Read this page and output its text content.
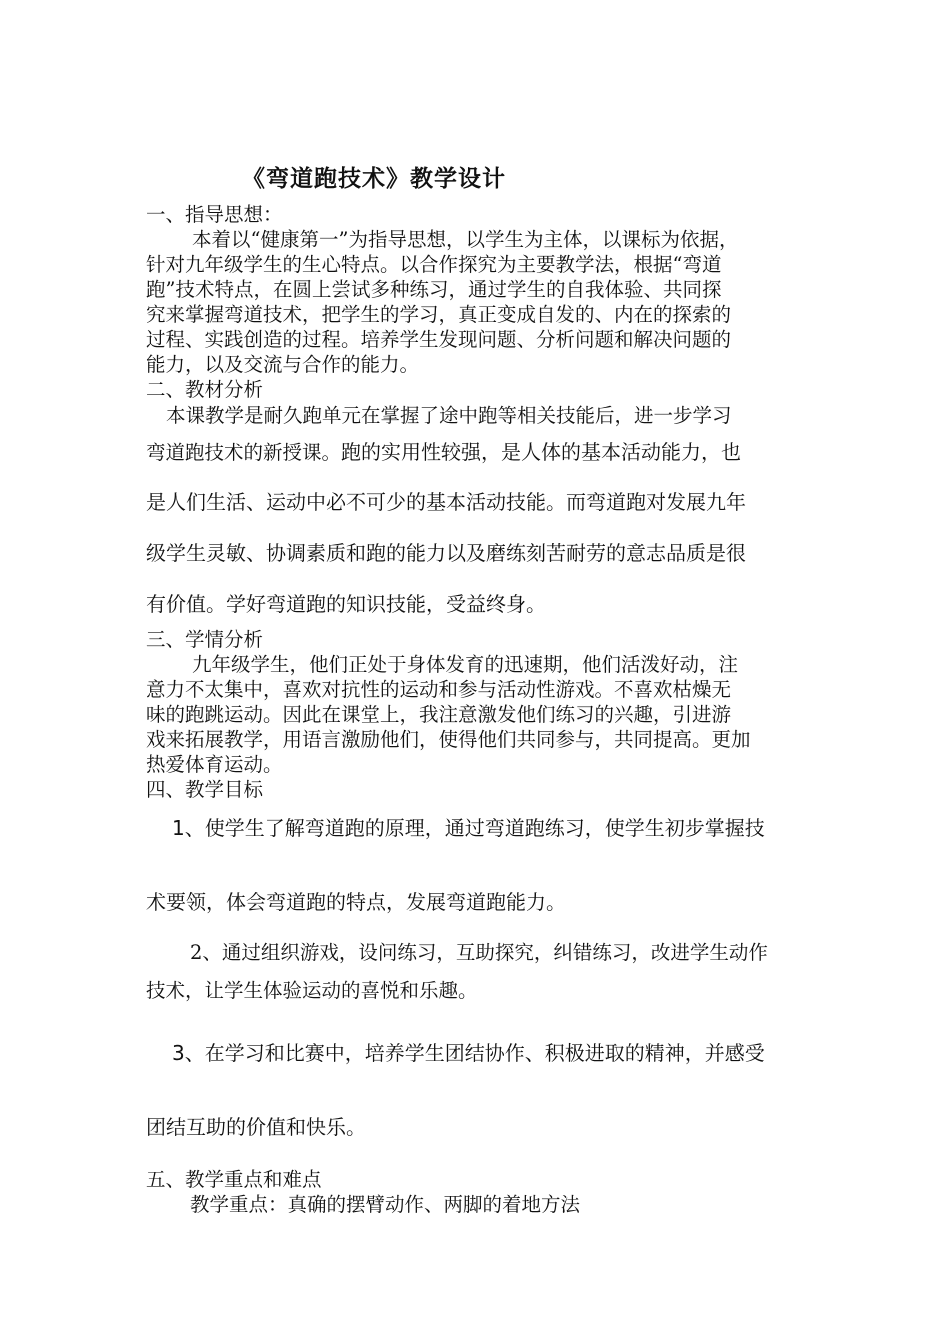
《弯道跑技术》教学设计
一、指导思想：
本着以“健康第一”为指导思想，以学生为主体，以课标为依据，
针对九年级学生的生心特点。以合作探究为主要教学法，根据“弯道
跑”技术特点，在圆上尝试多种练习，通过学生的自我体验、共同探
究来掌握弯道技术，把学生的学习，真正变成自发的、内在的探索的
过程、实践创造的过程。培养学生发现问题、分析问题和解决问题的
能力，以及交流与合作的能力。
二、教材分析
本课教学是耐久跑单元在掌握了途中跑等相关技能后，进一步学习
弯道跑技术的新授课。跑的实用性较强，是人体的基本活动能力，也
是人们生活、运动中必不可少的基本活动技能。而弯道跑对发展九年
级学生灵敏、协调素质和跑的能力以及磨练刻苦耐劳的意志品质是很
有价值。学好弯道跑的知识技能，受益终身。
三、学情分析
九年级学生，他们正处于身体发育的迅速期，他们活泼好动，注
意力不太集中，喜欢对抗性的运动和参与活动性游戏。不喜欢枯燥无
味的跑跳运动。因此在课堂上，我注意激发他们练习的兴趣，引进游
戏来拓展教学，用语言激励他们，使得他们共同参与，共同提高。更加
热爱体育运动。
四、教学目标
1、使学生了解弯道跑的原理，通过弯道跑练习，使学生初步掌握技
术要领，体会弯道跑的特点，发展弯道跑能力。
2、通过组织游戏，设问练习，互助探究，纠错练习，改进学生动作
技术，让学生体验运动的喜悦和乐趣。
3、在学习和比赛中，培养学生团结协作、积极进取的精神，并感受
团结互助的价值和快乐。
五、教学重点和难点
教学重点：真确的摆臂动作、两脚的着地方法
